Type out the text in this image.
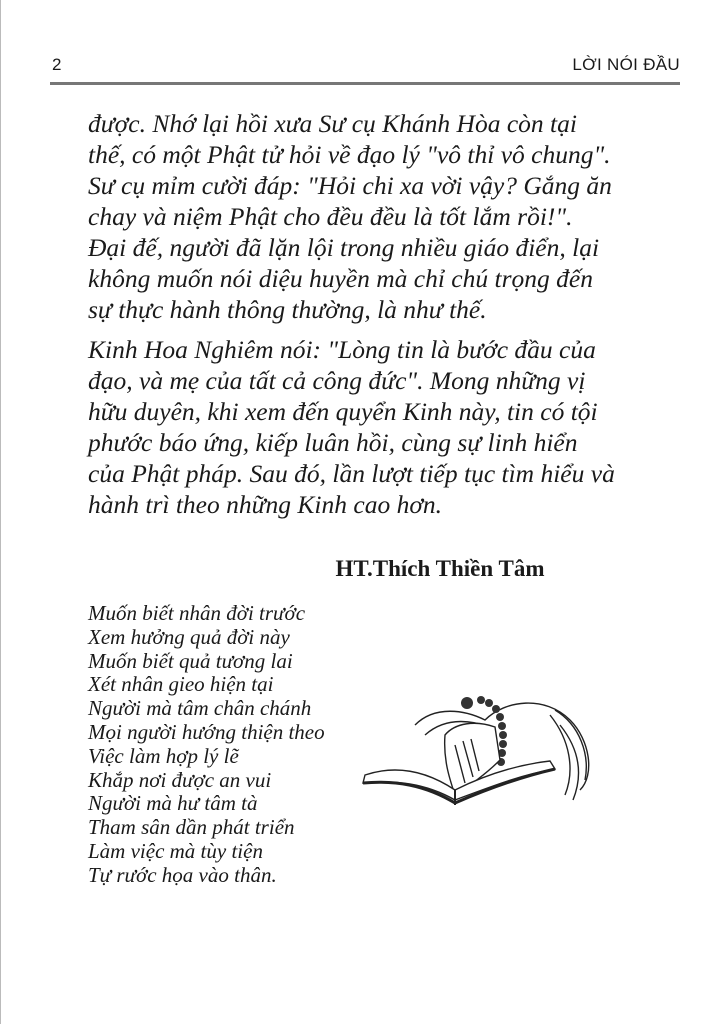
2	LỜI NÓI ĐẦU

được. Nhớ lại hồi xưa Sư cụ Khánh Hòa còn tại
thế, có một Phật tử hỏi về đạo lý "vô thỉ vô chung".
Sư cụ mỉm cười đáp: "Hỏi chi xa vời vậy? Gắng ăn
chay và niệm Phật cho đều đều là tốt lắm rồi!".
Đại đế, người đã lặn lội trong nhiều giáo điển, lại
không muốn nói diệu huyền mà chỉ chú trọng đến
sự thực hành thông thường, là như thế.

Kinh Hoa Nghiêm nói: "Lòng tin là bước đầu của
đạo, và mẹ của tất cả công đức". Mong những vị
hữu duyên, khi xem đến quyển Kinh này, tin có tội
phước báo ứng, kiếp luân hồi, cùng sự linh hiển
của Phật pháp. Sau đó, lần lượt tiếp tục tìm hiểu và
hành trì theo những Kinh cao hơn.

HT.Thích Thiền Tâm
Muốn biết nhân đời trước
Xem hưởng quả đời này
Muốn biết quả tương lai
Xét nhân gieo hiện tại
Người mà tâm chân chánh
Mọi người hướng thiện theo
Việc làm hợp lý lẽ
Khắp nơi được an vui
Người mà hư tâm tà
Tham sân dần phát triển
Làm việc mà tùy tiện
Tự rước họa vào thân.
